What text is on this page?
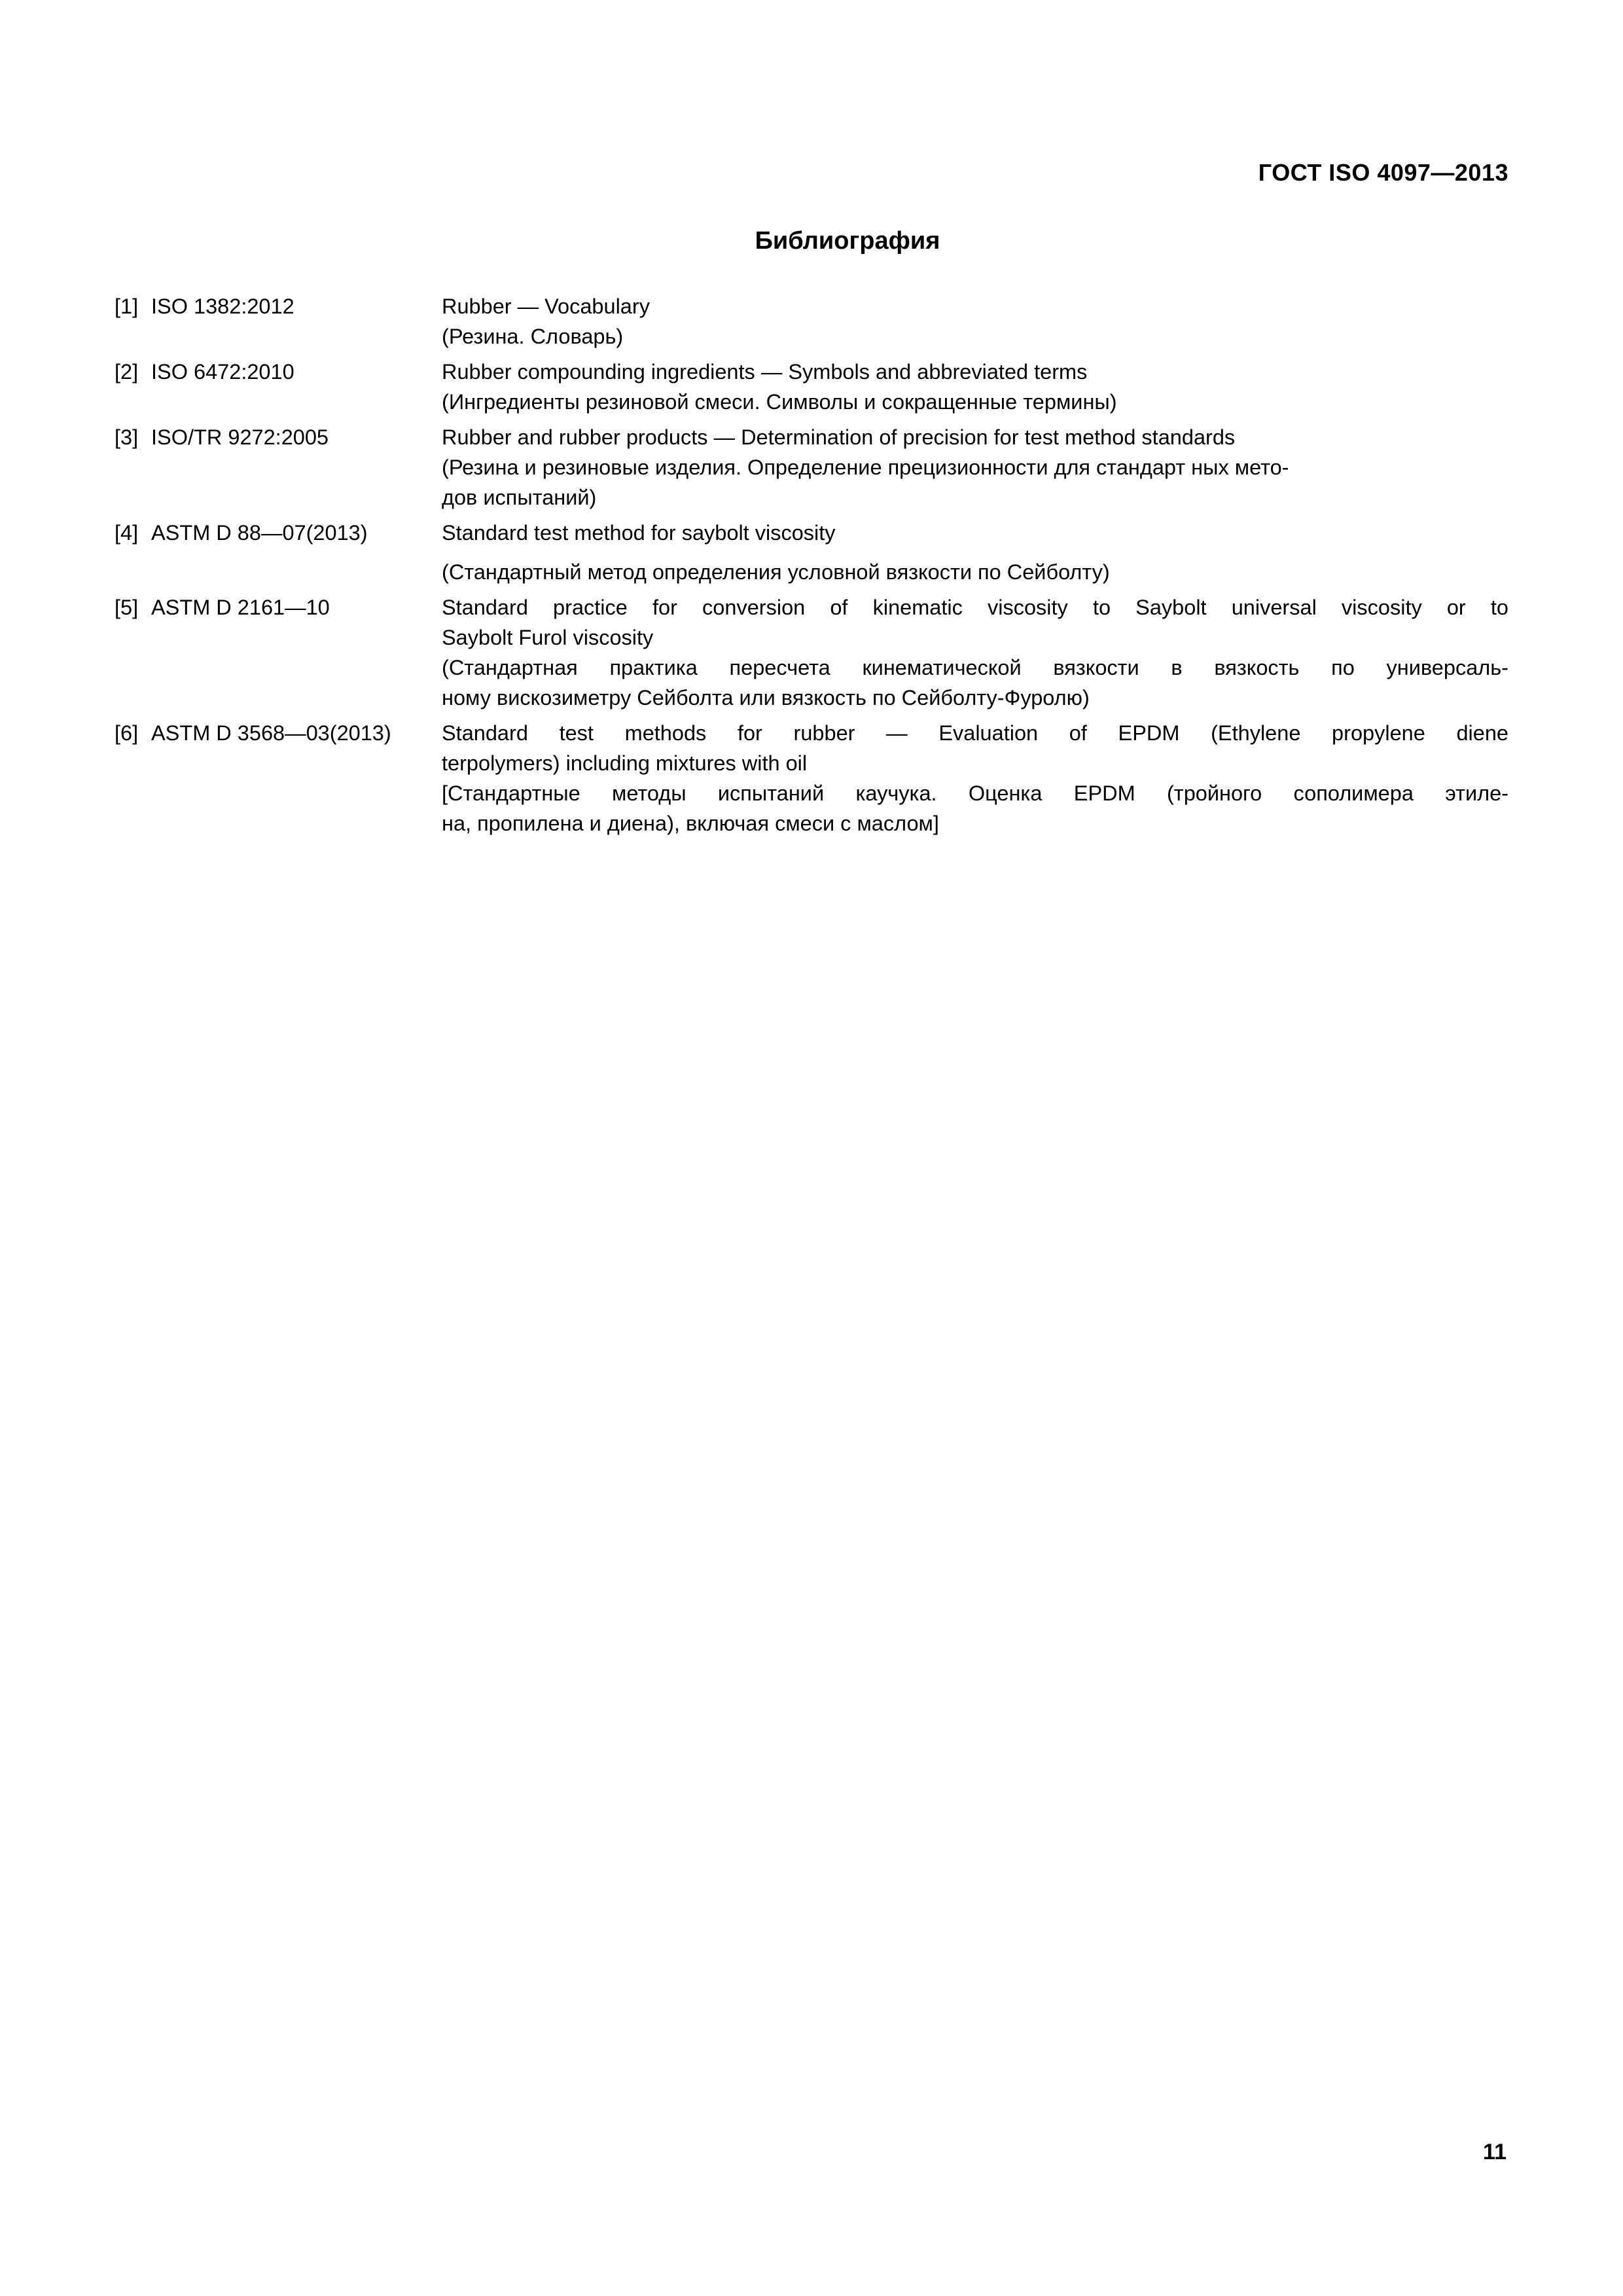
ГОСТ ISO 4097—2013
Библиография
[1] ISO 1382:2012	Rubber — Vocabulary
(Резина. Словарь)
[2] ISO 6472:2010	Rubber compounding ingredients — Symbols and abbreviated terms
(Ингредиенты резиновой смеси. Символы и сокращенные термины)
[3] ISO/TR 9272:2005	Rubber and rubber products — Determination of precision for test method standards
(Резина и резиновые изделия. Определение прецизионности для стандарт ных мето-
дов испытаний)
[4] ASTM D 88—07(2013)	Standard test method for saybolt viscosity
(Стандартный метод определения условной вязкости по Сейболту)
[5] ASTM D 2161—10	Standard practice for conversion of kinematic viscosity to Saybolt universal viscosity or to
Saybolt Furol viscosity
(Стандартная практика пересчета кинематической вязкости в вязкость по универсаль-
ному вискозиметру Сейболта или вязкость по Сейболту-Фуролю)
[6] ASTM D 3568—03(2013)	Standard test methods for rubber — Evaluation of EPDM (Ethylene propylene diene
terpolymers) including mixtures with oil
[Стандартные методы испытаний каучука. Оценка EPDM (тройного сополимера этиле-
на, пропилена и диена), включая смеси с маслом]
11
